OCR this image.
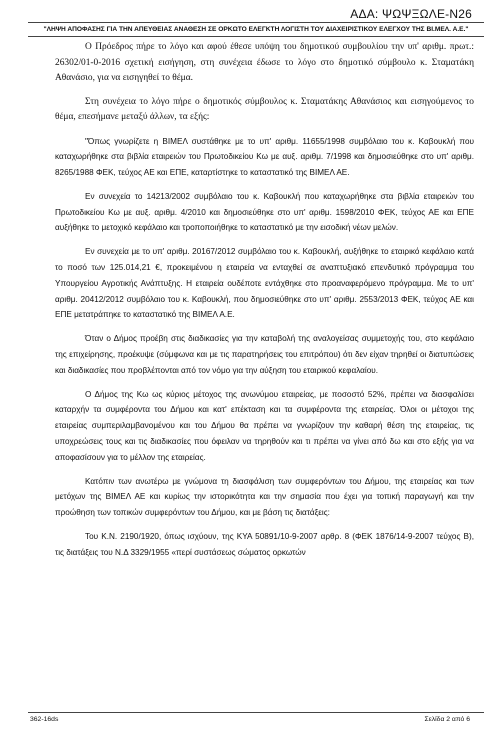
ΑΔΑ: ΨΩΨΞΩΛΕ-Ν26
"ΛΗΨΗ ΑΠΟΦΑΣΗΣ ΓΙΑ ΤΗΝ ΑΠΕΥΘΕΙΑΣ ΑΝΑΘΕΣΗ ΣΕ ΟΡΚΩΤΟ ΕΛΕΓΚΤΗ ΛΟΓΙΣΤΗ ΤΟΥ ΔΙΑΧΕΙΡΙΣΤΙΚΟΥ ΕΛΕΓΧΟΥ ΤΗΣ ΒΙ.ΜΕΛ. Α.Ε."

Ο Πρόεδρος πήρε το λόγο και αφού έθεσε υπόψη του δημοτικού συμβουλίου την υπ' αριθμ. πρωτ.: 26302/01-0-2016 σχετική εισήγηση, στη συνέχεια έδωσε το λόγο στο δημοτικό σύμβουλο κ. Σταματάκη Αθανάσιο, για να εισηγηθεί το θέμα.

Στη συνέχεια το λόγο πήρε ο δημοτικός σύμβουλος κ. Σταματάκης Αθανάσιος και εισηγούμενος το θέμα, επεσήμανε μεταξύ άλλων, τα εξής:

"Όπως γνωρίζετε η ΒΙΜΕΛ συστάθηκε με το υπ' αριθμ. 11655/1998 συμβόλαιο του κ. Καβουκλή που καταχωρήθηκε στα βιβλία εταιρειών του Πρωτοδικείου Κω με αυξ. αριθμ. 7/1998 και δημοσιεύθηκε στο υπ' αριθμ. 8265/1988 ΦΕΚ, τεύχος ΑΕ και ΕΠΕ, καταρτίστηκε το καταστατικό της ΒΙΜΕΛ ΑΕ.

Εν συνεχεία το 14213/2002 συμβόλαιο του κ. Καβουκλή που καταχωρήθηκε στα βιβλία εταιρειών του Πρωτοδικείου Κω με αυξ. αριθμ. 4/2010 και δημοσιεύθηκε στο υπ' αριθμ. 1598/2010 ΦΕΚ, τεύχος ΑΕ και ΕΠΕ αυξήθηκε το μετοχικό κεφάλαιο και τροποποιήθηκε το καταστατικό με την εισοδική νέων μελών.

Εν συνεχεία με το υπ' αριθμ. 20167/2012 συμβόλαιο του κ. Καβουκλή, αυξήθηκε το εταιρικό κεφάλαιο κατά το ποσό των 125.014,21 €, προκειμένου η εταιρεία να ενταχθεί σε αναπτυξιακό επενδυτικό πρόγραμμα του Υπουργείου Αγροτικής Ανάπτυξης. Η εταιρεία ουδέποτε εντάχθηκε στο προαναφερόμενο πρόγραμμα. Με το υπ' αριθμ. 20412/2012 συμβόλαιο του κ. Καβουκλή, που δημοσιεύθηκε στο υπ' αριθμ. 2553/2013 ΦΕΚ, τεύχος ΑΕ και ΕΠΕ μετατράπηκε το καταστατικό της ΒΙΜΕΛ Α.Ε.

Όταν ο Δήμος προέβη στις διαδικασίες για την καταβολή της αναλογείσας συμμετοχής του, στο κεφάλαιο της επιχείρησης, προέκυψε (σύμφωνα και με τις παρατηρήσεις του επιτρόπου) ότι δεν είχαν τηρηθεί οι διατυπώσεις και διαδικασίες που προβλέπονται από τον νόμο για την αύξηση του εταιρικού κεφαλαίου.

Ο Δήμος της Κω ως κύριος μέτοχος της ανωνύμου εταιρείας, με ποσοστό 52%, πρέπει να διασφαλίσει καταρχήν τα συμφέροντα του Δήμου και κατ' επέκταση και τα συμφέροντα της εταιρείας. Όλοι οι μέτοχοι της εταιρείας συμπεριλαμβανομένου και του Δήμου θα πρέπει να γνωρίζουν την καθαρή θέση της εταιρείας, τις υποχρεώσεις τους και τις διαδικασίες που όφειλαν να τηρηθούν και τι πρέπει να γίνει από δω και στο εξής για να αποφασίσουν για το μέλλον της εταιρείας.

Κατόπιν των ανωτέρω με γνώμονα τη διασφάλιση των συμφερόντων του Δήμου, της εταιρείας και των μετόχων της ΒΙΜΕΛ ΑΕ και κυρίως την ιστορικότητα και την σημασία που έχει για τοπική παραγωγή και την προώθηση των τοπικών συμφερόντων του Δήμου, και με βάση τις διατάξεις:

Του Κ.Ν. 2190/1920, όπως ισχύουν, της ΚΥΑ 50891/10-9-2007 αρθρ. 8 (ΦΕΚ 1876/14-9-2007 τεύχος Β), τις διατάξεις του Ν.Δ 3329/1955 «περί συστάσεως σώματος ορκωτών

362-16ds	Σελίδα 2 από 6
